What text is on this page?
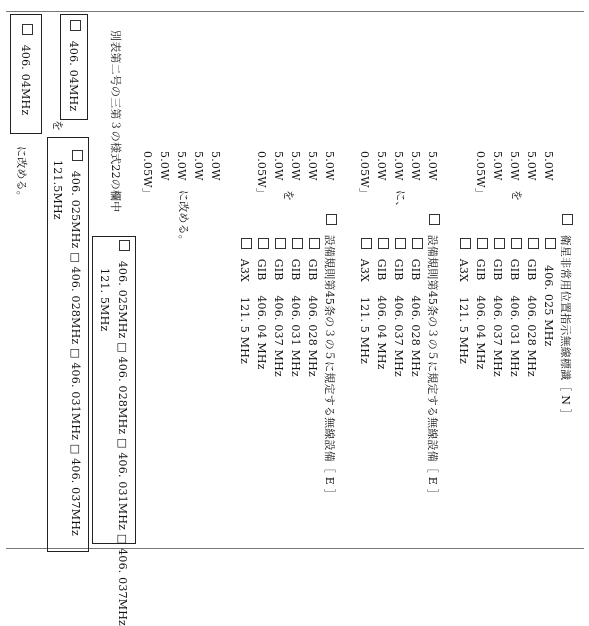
衛星非常用位置指示無線標識［ N ］
406. 025 MHz
GIB    406. 028 MHz
GIB    406. 031 MHz
GIB    406. 037 MHz
GIB    406. 04 MHz
A3X    121. 5 MHz
5.0W
5.0W
5.0W
5.0W
0.05W」 を
設備規則第45条の３の５に規定する無線設備［ E ］
GIB    406. 028 MHz
GIB    406. 037 MHz
GIB    406. 04 MHz
A3X    121. 5 MHz
5.0W
5.0W
5.0W
5.0W
0.05W」
に、
設備規則第45条の３の５に規定する無線設備［ E ］
GIB    406. 028 MHz
GIB    406. 031 MHz
GIB    406. 037 MHz
GIB    406. 04 MHz
A3X    121. 5 MHz
5.0W
5.0W
5.0W
5.0W
0.05W」 を
に改める。
別表第二号の三第３の様式22の欄中	5.0W
5.0W
5.0W
5.0W
0.05W」
406. 025MHz □ 406. 028MHz □ 406. 031MHz □ 406. 037MHz
121. 5MHz
406. 025MHz □ 406. 028MHz □ 406. 031MHz □ 406. 037MHz
121.5MHz
を
406. 04MHz
406. 04MHz
に改める。
